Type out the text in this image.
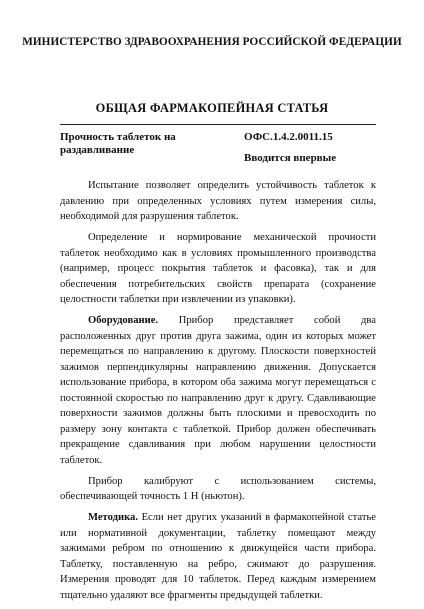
МИНИСТЕРСТВО ЗДРАВООХРАНЕНИЯ РОССИЙСКОЙ ФЕДЕРАЦИИ
ОБЩАЯ ФАРМАКОПЕЙНАЯ СТАТЬЯ
Прочность таблеток на раздавливание
ОФС.1.4.2.0011.15
Вводится впервые

Испытание позволяет определить устойчивость таблеток к давлению при определенных условиях путем измерения силы, необходимой для разрушения таблеток.

Определение и нормирование механической прочности таблеток необходимо как в условиях промышленного производства (например, процесс покрытия таблеток и фасовка), так и для обеспечения потребительских свойств препарата (сохранение целостности таблетки при извлечении из упаковки).

Оборудование. Прибор представляет собой два расположенных друг против друга зажима, один из которых может перемещаться по направлению к другому. Плоскости поверхностей зажимов перпендикулярны направлению движения. Допускается использование прибора, в котором оба зажима могут перемещаться с постоянной скоростью по направлению друг к другу. Сдавливающие поверхности зажимов должны быть плоскими и превосходить по размеру зону контакта с таблеткой. Прибор должен обеспечивать прекращение сдавливания при любом нарушении целостности таблеток.

Прибор калибруют с использованием системы, обеспечивающей точность 1 Н (ньютон).

Методика. Если нет других указаний в фармакопейной статье или нормативной документации, таблетку помещают между зажимами ребром по отношению к движущейся части прибора. Таблетку, поставленную на ребро, сжимают до разрушения. Измерения проводят для 10 таблеток. Перед каждым измерением тщательно удаляют все фрагменты предыдущей таблетки.
